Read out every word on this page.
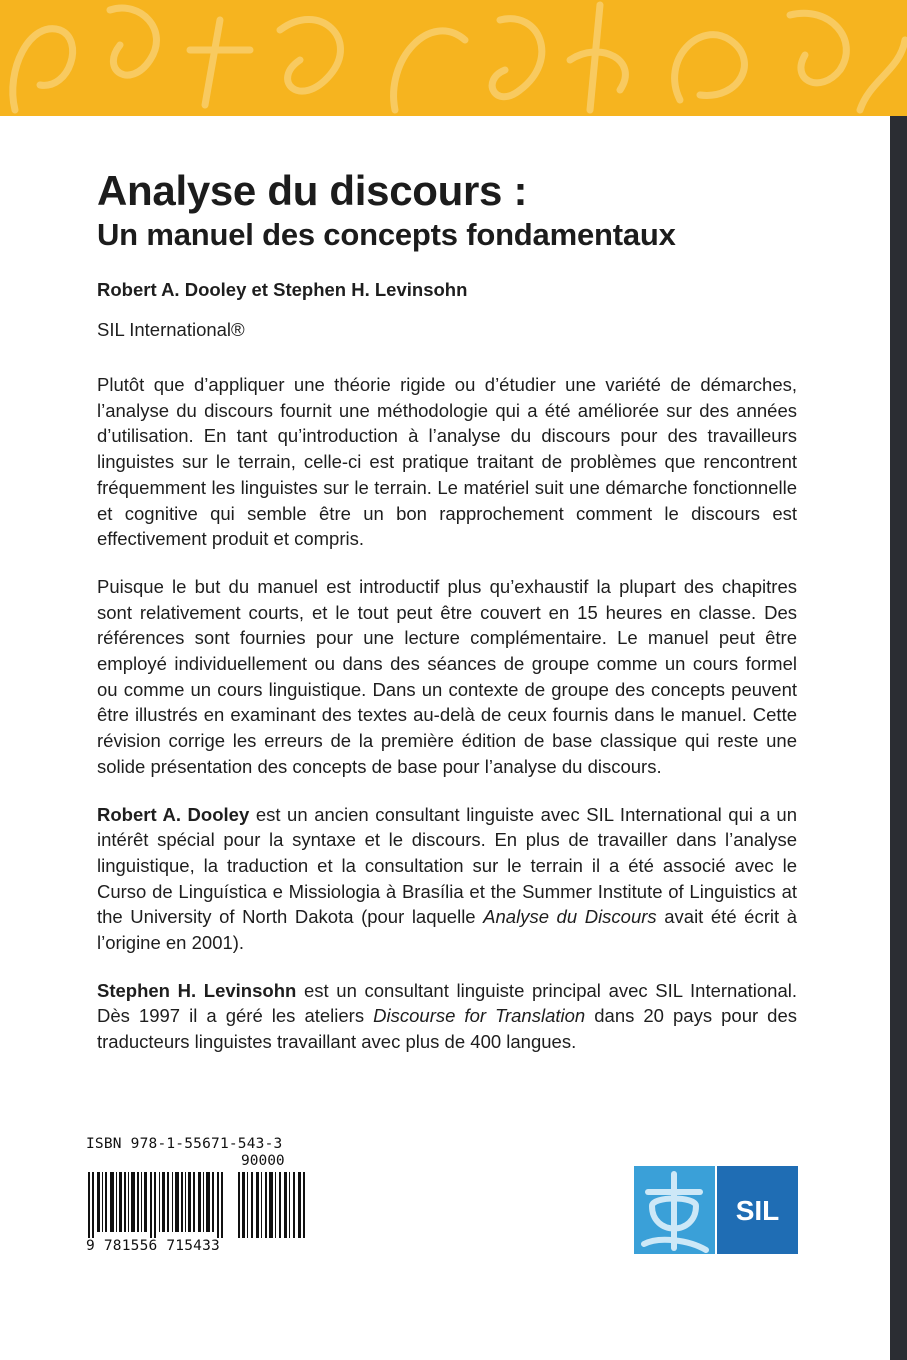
Analyse du discours :
Un manuel des concepts fondamentaux
Robert A. Dooley et Stephen H. Levinsohn
SIL International®

Plutôt que d’appliquer une théorie rigide ou d’étudier une variété de démarches, l’analyse du discours fournit une méthodologie qui a été améliorée sur des années d’utilisation. En tant qu’introduction à l’analyse du discours pour des travailleurs linguistes sur le terrain, celle-ci est pratique traitant de problèmes que rencontrent fréquemment les linguistes sur le terrain. Le matériel suit une démarche fonctionnelle et cognitive qui semble être un bon rapprochement comment le discours est effectivement produit et compris.

Puisque le but du manuel est introductif plus qu’exhaustif la plupart des chapitres sont relativement courts, et le tout peut être couvert en 15 heures en classe. Des références sont fournies pour une lecture complémentaire. Le manuel peut être employé individuellement ou dans des séances de groupe comme un cours formel ou comme un cours linguistique. Dans un contexte de groupe des concepts peuvent être illustrés en examinant des textes au-delà de ceux fournis dans le manuel. Cette révision corrige les erreurs de la première édition de base classique qui reste une solide présentation des concepts de base pour l’analyse du discours.

Robert A. Dooley est un ancien consultant linguiste avec SIL International qui a un intérêt spécial pour la syntaxe et le discours. En plus de travailler dans l’analyse linguistique, la traduction et la consultation sur le terrain il a été associé avec le Curso de Linguística e Missiologia à Brasília et the Summer Institute of Linguistics at the University of North Dakota (pour laquelle Analyse du Discours avait été écrit à l’origine en 2001).

Stephen H. Levinsohn est un consultant linguiste principal avec SIL International. Dès 1997 il a géré les ateliers Discourse for Translation dans 20 pays pour des traducteurs linguistes travaillant avec plus de 400 langues.

ISBN 978-1-55671-543-3
90000
9 781556 715433
SIL
